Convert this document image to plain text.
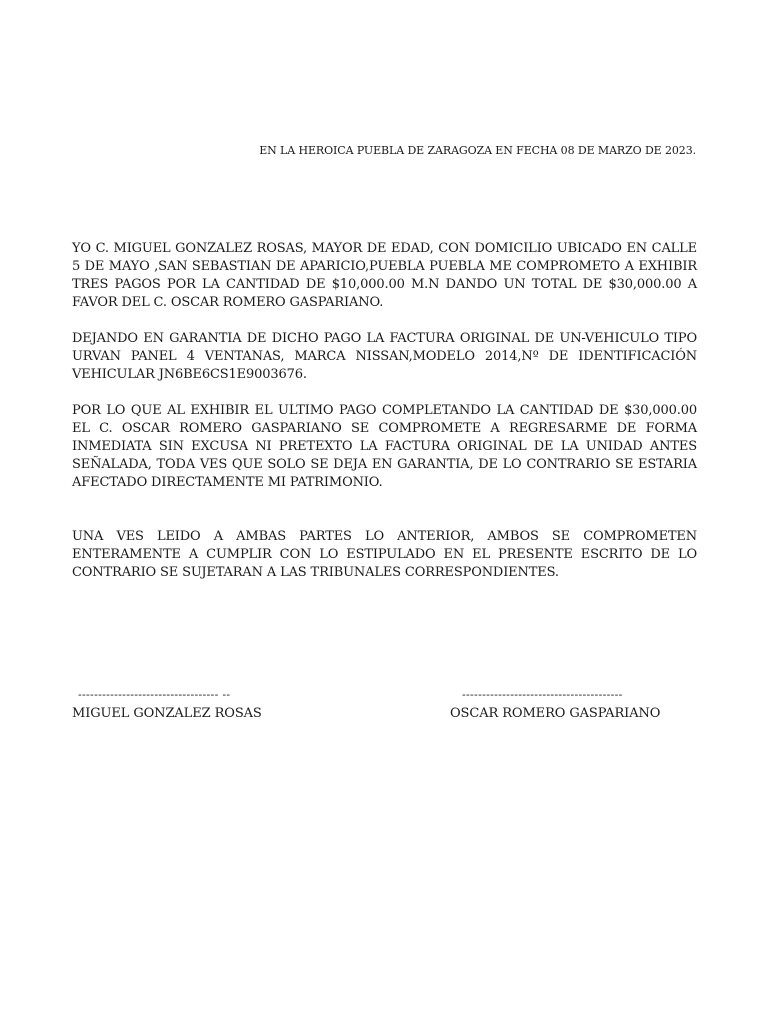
EN LA HEROICA PUEBLA DE ZARAGOZA EN FECHA 08 DE MARZO DE 2023.

YO C. MIGUEL GONZALEZ ROSAS, MAYOR DE EDAD, CON DOMICILIO UBICADO EN CALLE 5 DE MAYO ,SAN SEBASTIAN DE APARICIO,PUEBLA PUEBLA ME COMPROMETO A EXHIBIR TRES PAGOS POR LA CANTIDAD DE $10,000.00 M.N DANDO UN TOTAL DE $30,000.00 A FAVOR DEL C. OSCAR ROMERO GASPARIANO.

DEJANDO EN GARANTIA DE DICHO PAGO LA FACTURA ORIGINAL DE UN-VEHICULO TIPO URVAN PANEL 4 VENTANAS, MARCA NISSAN,MODELO 2014,Nº DE IDENTIFICACIÓN VEHICULAR JN6BE6CS1E9003676.

POR LO QUE AL EXHIBIR EL ULTIMO PAGO COMPLETANDO LA CANTIDAD DE $30,000.00 EL C. OSCAR ROMERO GASPARIANO SE COMPROMETE A REGRESARME DE FORMA INMEDIATA SIN EXCUSA NI PRETEXTO LA FACTURA ORIGINAL DE LA UNIDAD ANTES SEÑALADA, TODA VES QUE SOLO SE DEJA EN GARANTIA, DE LO CONTRARIO SE ESTARIA AFECTADO DIRECTAMENTE MI PATRIMONIO.

UNA VES LEIDO A AMBAS PARTES LO ANTERIOR, AMBOS SE COMPROMETEN ENTERAMENTE A CUMPLIR CON LO ESTIPULADO EN EL PRESENTE ESCRITO DE LO CONTRARIO SE SUJETARAN A LAS TRIBUNALES CORRESPONDIENTES.

----------------------------------- --
MIGUEL GONZALEZ ROSAS
----------------------------------------
OSCAR ROMERO GASPARIANO
